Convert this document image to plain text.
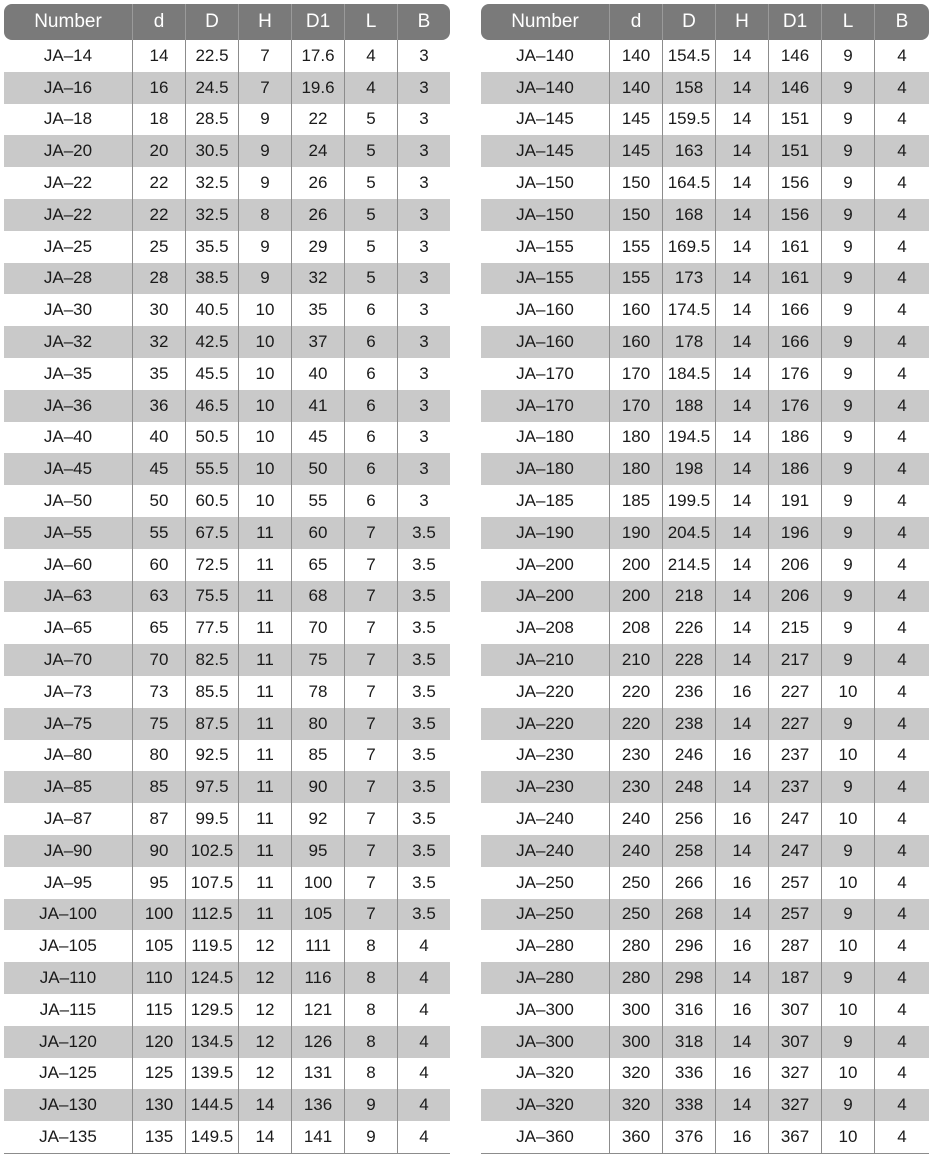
Number	d	D	H	D1	L	B
JA–14	14	22.5	7	17.6	4	3
JA–16	16	24.5	7	19.6	4	3
JA–18	18	28.5	9	22	5	3
JA–20	20	30.5	9	24	5	3
JA–22	22	32.5	9	26	5	3
JA–22	22	32.5	8	26	5	3
JA–25	25	35.5	9	29	5	3
JA–28	28	38.5	9	32	5	3
JA–30	30	40.5	10	35	6	3
JA–32	32	42.5	10	37	6	3
JA–35	35	45.5	10	40	6	3
JA–36	36	46.5	10	41	6	3
JA–40	40	50.5	10	45	6	3
JA–45	45	55.5	10	50	6	3
JA–50	50	60.5	10	55	6	3
JA–55	55	67.5	11	60	7	3.5
JA–60	60	72.5	11	65	7	3.5
JA–63	63	75.5	11	68	7	3.5
JA–65	65	77.5	11	70	7	3.5
JA–70	70	82.5	11	75	7	3.5
JA–73	73	85.5	11	78	7	3.5
JA–75	75	87.5	11	80	7	3.5
JA–80	80	92.5	11	85	7	3.5
JA–85	85	97.5	11	90	7	3.5
JA–87	87	99.5	11	92	7	3.5
JA–90	90	102.5	11	95	7	3.5
JA–95	95	107.5	11	100	7	3.5
JA–100	100	112.5	11	105	7	3.5
JA–105	105	119.5	12	111	8	4
JA–110	110	124.5	12	116	8	4
JA–115	115	129.5	12	121	8	4
JA–120	120	134.5	12	126	8	4
JA–125	125	139.5	12	131	8	4
JA–130	130	144.5	14	136	9	4
JA–135	135	149.5	14	141	9	4
Number	d	D	H	D1	L	B
JA–140	140	154.5	14	146	9	4
JA–140	140	158	14	146	9	4
JA–145	145	159.5	14	151	9	4
JA–145	145	163	14	151	9	4
JA–150	150	164.5	14	156	9	4
JA–150	150	168	14	156	9	4
JA–155	155	169.5	14	161	9	4
JA–155	155	173	14	161	9	4
JA–160	160	174.5	14	166	9	4
JA–160	160	178	14	166	9	4
JA–170	170	184.5	14	176	9	4
JA–170	170	188	14	176	9	4
JA–180	180	194.5	14	186	9	4
JA–180	180	198	14	186	9	4
JA–185	185	199.5	14	191	9	4
JA–190	190	204.5	14	196	9	4
JA–200	200	214.5	14	206	9	4
JA–200	200	218	14	206	9	4
JA–208	208	226	14	215	9	4
JA–210	210	228	14	217	9	4
JA–220	220	236	16	227	10	4
JA–220	220	238	14	227	9	4
JA–230	230	246	16	237	10	4
JA–230	230	248	14	237	9	4
JA–240	240	256	16	247	10	4
JA–240	240	258	14	247	9	4
JA–250	250	266	16	257	10	4
JA–250	250	268	14	257	9	4
JA–280	280	296	16	287	10	4
JA–280	280	298	14	187	9	4
JA–300	300	316	16	307	10	4
JA–300	300	318	14	307	9	4
JA–320	320	336	16	327	10	4
JA–320	320	338	14	327	9	4
JA–360	360	376	16	367	10	4
